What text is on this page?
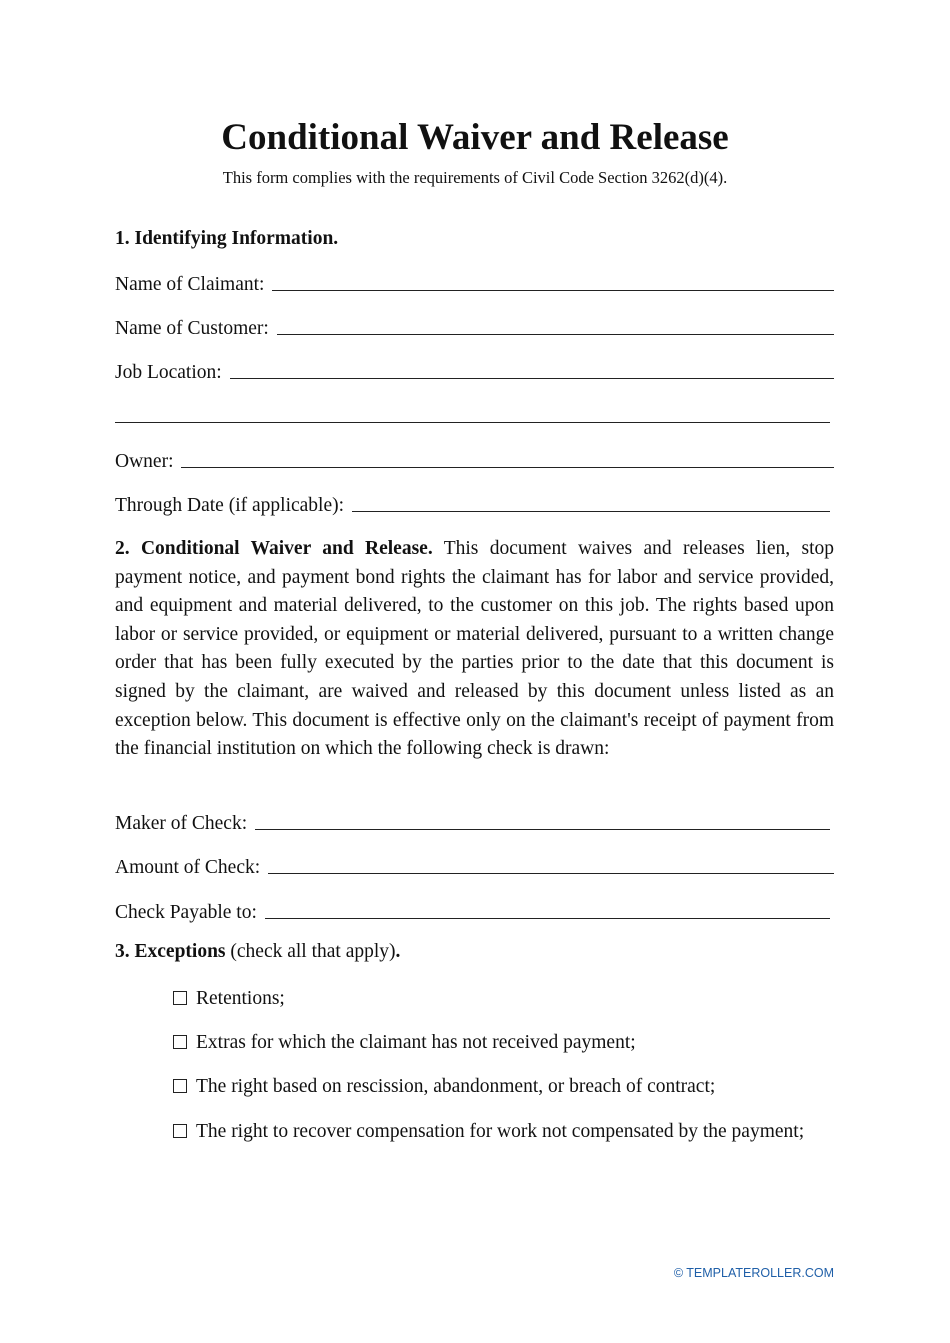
Conditional Waiver and Release

This form complies with the requirements of Civil Code Section 3262(d)(4).

1. Identifying Information.

Name of Claimant:
Name of Customer:
Job Location:
Owner:
Through Date (if applicable):

2. Conditional Waiver and Release. This document waives and releases lien, stop payment notice, and payment bond rights the claimant has for labor and service provided, and equipment and material delivered, to the customer on this job. The rights based upon labor or service provided, or equipment or material delivered, pursuant to a written change order that has been fully executed by the parties prior to the date that this document is signed by the claimant, are waived and released by this document unless listed as an exception below. This document is effective only on the claimant's receipt of payment from the financial institution on which the following check is drawn:

Maker of Check:
Amount of Check:
Check Payable to:

3. Exceptions (check all that apply).

Retentions;

Extras for which the claimant has not received payment;

The right based on rescission, abandonment, or breach of contract;

The right to recover compensation for work not compensated by the payment;

© TEMPLATEROLLER.COM
